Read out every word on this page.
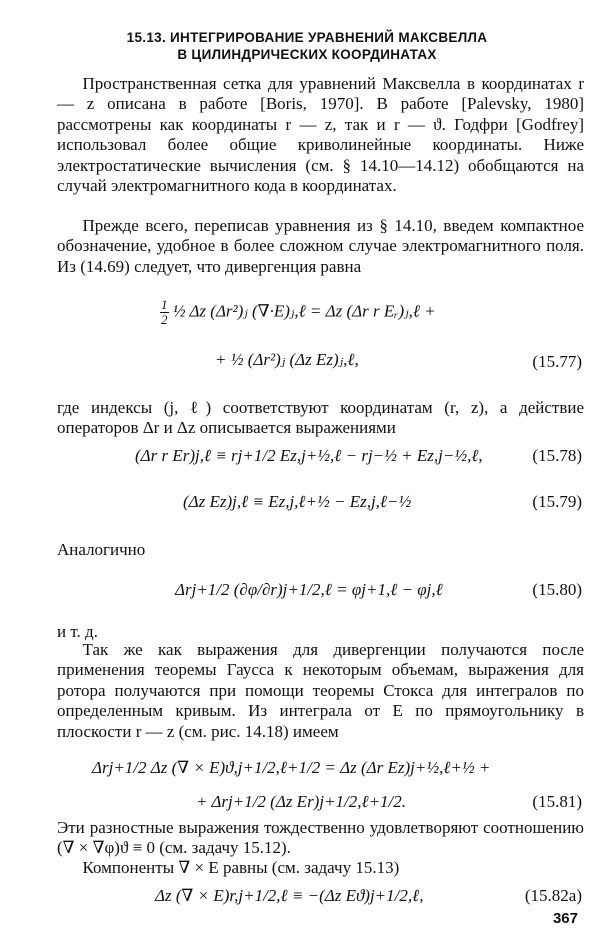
15.13. ИНТЕГРИРОВАНИЕ УРАВНЕНИЙ МАКСВЕЛЛА
В ЦИЛИНДРИЧЕСКИХ КООРДИНАТАХ
Пространственная сетка для уравнений Максвелла в координатах r — z описана в работе [Boris, 1970]. В работе [Palevsky, 1980] рассмотрены как координаты r — z, так и r — ϑ. Годфри [Godfrey] использовал более общие криволинейные координаты. Ниже электростатические вычисления (см. § 14.10—14.12) обобщаются на случай электромагнитного кода в координатах.
Прежде всего, переписав уравнения из § 14.10, введем компактное обозначение, удобное в более сложном случае электромагнитного поля. Из (14.69) следует, что дивергенция равна
$\frac{1}{2}$ ½ Δz (Δr²)ⱼ (∇·E)ⱼ,ℓ = Δz (Δr r Eᵣ)ⱼ,ℓ +
+ ½ (Δr²)ⱼ (Δz Ez)ⱼ,ℓ,	(15.77)
где индексы (j, ℓ) соответствуют координатам (r, z), а действие операторов Δr и Δz описывается выражениями
(Δr r Er)j,ℓ ≡ rj+1/2 Ez,j+½,ℓ − rj−½ + Ez,j−½,ℓ,	(15.78)
(Δz Ez)j,ℓ ≡ Ez,j,ℓ+½ − Ez,j,ℓ−½	(15.79)
Аналогично
Δrj+1/2 (∂φ/∂r)j+1/2,ℓ = φj+1,ℓ − φj,ℓ	(15.80)
и т. д.
Так же как выражения для дивергенции получаются после применения теоремы Гаусса к некоторым объемам, выражения для ротора получаются при помощи теоремы Стокса для интегралов по определенным кривым. Из интеграла от E по прямоугольнику в плоскости r — z (см. рис. 14.18) имеем
Δrj+1/2 Δz (∇ × E)ϑ,j+1/2,ℓ+1/2 = Δz (Δr Ez)j+½,ℓ+½ +
+ Δrj+1/2 (Δz Er)j+1/2,ℓ+1/2.	(15.81)
Эти разностные выражения тождественно удовлетворяют соотношению (∇ × ∇φ)ϑ ≡ 0 (см. задачу 15.12).
Компоненты ∇ × E равны (см. задачу 15.13)
Δz (∇ × E)r,j+1/2,ℓ ≡ −(Δz Eϑ)j+1/2,ℓ,	(15.82a)
367
